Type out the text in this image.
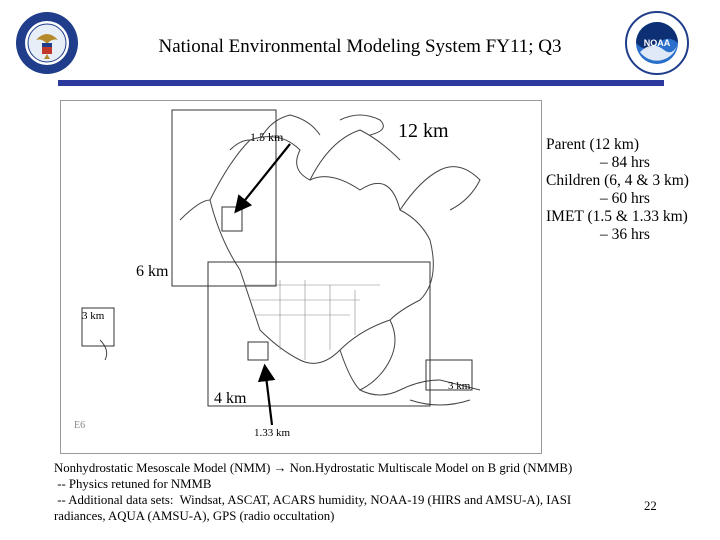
NOAA
National Environmental Modeling System FY11; Q3
1.5 km	12 km
6 km
3 km
3 km
4 km
1.33 km
E6
Parent (12 km)
– 84 hrs
Children (6, 4 & 3 km)
– 60 hrs
IMET (1.5 & 1.33 km)
– 36 hrs
Nonhydrostatic Mesoscale Model (NMM) → Non.Hydrostatic Multiscale Model on B grid (NMMB)
-- Physics retuned for NMMB
-- Additional data sets:  Windsat, ASCAT, ACARS humidity, NOAA-19 (HIRS and AMSU-A), IASI
radiances, AQUA (AMSU-A), GPS (radio occultation)
22
